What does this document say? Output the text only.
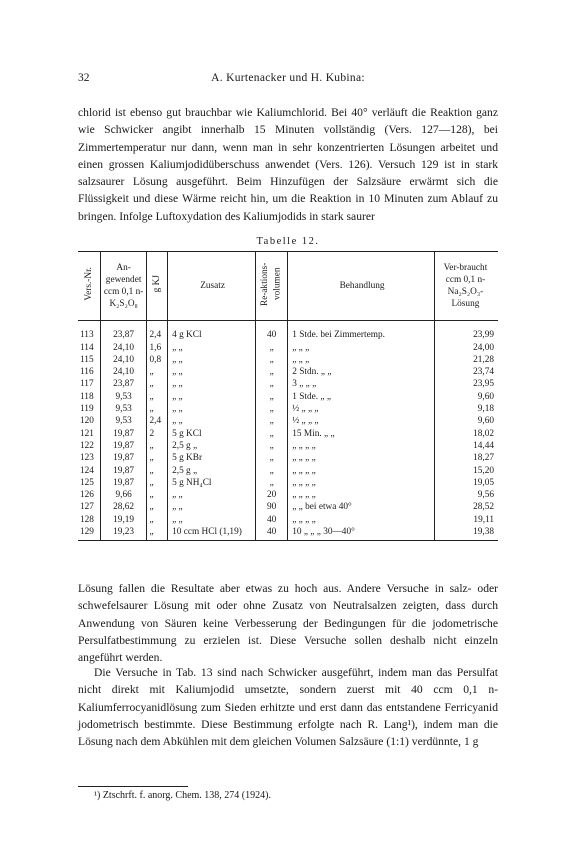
32	A. Kurtenacker und H. Kubina:

chlorid ist ebenso gut brauchbar wie Kaliumchlorid. Bei 40° verläuft die Reaktion ganz wie Schwicker angibt innerhalb 15 Minuten vollständig (Vers. 127—128), bei Zimmertemperatur nur dann, wenn man in sehr konzentrierten Lösungen arbeitet und einen grossen Kaliumjodidüberschuss anwendet (Vers. 126). Versuch 129 ist in stark salzsaurer Lösung ausgeführt. Beim Hinzufügen der Salzsäure erwärmt sich die Flüssigkeit und diese Wärme reicht hin, um die Reaktion in 10 Minuten zum Ablauf zu bringen. Infolge Luftoxydation des Kaliumjodids in stark saurer

Tabelle 12.
Vers.-Nr.	An-gewendet ccm 0,1 n-K₂S₂O₈	g KJ	Zusatz	Re-aktions-volumen	Behandlung	Ver-braucht ccm 0,1 n-Na₂S₂O₃-Lösung
113	23,87	2,4	4 g KCl	40	1 Stde. bei Zimmertemp.	23,99
114	24,10	1,6	„ „	„	„ „ „	24,00
115	24,10	0,8	„ „	„	„ „ „	21,28
116	24,10	„	„ „	„	2 Stdn. „ „	23,74
117	23,87	„	„ „	„	3 „ „ „	23,95
118	9,53	„	„ „	„	1 Stde. „ „	9,60
119	9,53	„	„ „	„	½ „ „ „	9,18
120	9,53	2,4	„ „	„	½ „ „ „	9,60
121	19,87	2	5 g KCl	„	15 Min. „ „	18,02
122	19,87	„	2,5 g „	„	„ „ „ „	14,44
123	19,87	„	5 g KBr	„	„ „ „ „	18,27
124	19,87	„	2,5 g „	„	„ „ „ „	15,20
125	19,87	„	5 g NH₄Cl	„	„ „ „ „	19,05
126	9,66	„	„ „	20	„ „ „ „	9,56
127	28,62	„	„ „	90	„ „ bei etwa 40°	28,52
128	19,19	„	„ „	40	„ „ „ „	19,11
129	19,23	„	10 ccm HCl (1,19)	40	10 „ „ „ 30—40°	19,38

Lösung fallen die Resultate aber etwas zu hoch aus. Andere Versuche in salz- oder schwefelsaurer Lösung mit oder ohne Zusatz von Neutralsalzen zeigten, dass durch Anwendung von Säuren keine Verbesserung der Bedingungen für die jodometrische Persulfatbestimmung zu erzielen ist. Diese Versuche sollen deshalb nicht einzeln angeführt werden.

Die Versuche in Tab. 13 sind nach Schwicker ausgeführt, indem man das Persulfat nicht direkt mit Kaliumjodid umsetzte, sondern zuerst mit 40 ccm 0,1 n-Kaliumferrocyanidlösung zum Sieden erhitzte und erst dann das entstandene Ferricyanid jodometrisch bestimmte. Diese Bestimmung erfolgte nach R. Lang¹), indem man die Lösung nach dem Abkühlen mit dem gleichen Volumen Salzsäure (1:1) verdünnte, 1 g

¹) Ztschrft. f. anorg. Chem. 138, 274 (1924).
